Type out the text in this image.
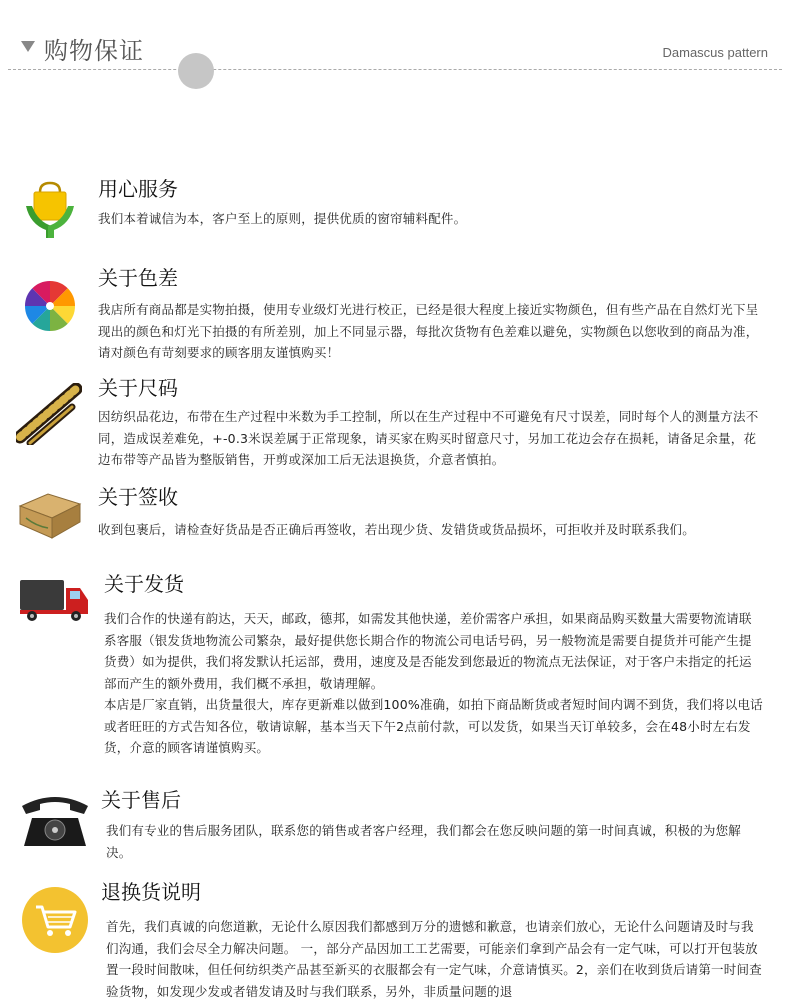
购物保证	Damascus pattern
用心服务

我们本着诚信为本，客户至上的原则，提供优质的窗帘辅料配件。

关于色差

我店所有商品都是实物拍摄，使用专业级灯光进行校正，已经是很大程度上接近实物颜色，但有些产品在自然灯光下呈现出的颜色和灯光下拍摄的有所差别，加上不同显示器，每批次货物有色差难以避免，实物颜色以您收到的商品为准，请对颜色有苛刻要求的顾客朋友谨慎购买！

关于尺码

因纺织品花边，布带在生产过程中米数为手工控制，所以在生产过程中不可避免有尺寸误差，同时每个人的测量方法不同，造成误差难免，+-0.3米误差属于正常现象，请买家在购买时留意尺寸，另加工花边会存在损耗，请备足余量，花边布带等产品皆为整版销售，开剪或深加工后无法退换货，介意者慎拍。

关于签收

收到包裹后，请检查好货品是否正确后再签收，若出现少货、发错货或货品损坏，可拒收并及时联系我们。

关于发货

我们合作的快递有韵达，天天，邮政，德邦，如需发其他快递，差价需客户承担，如果商品购买数量大需要物流请联系客服（银发货地物流公司繁杂，最好提供您长期合作的物流公司电话号码，另一般物流是需要自提货并可能产生提货费）如为提供，我们将发默认托运部，费用，速度及是否能发到您最近的物流点无法保证，对于客户未指定的托运部而产生的额外费用，我们概不承担，敬请理解。

本店是厂家直销，出货量很大，库存更新难以做到100%准确，如拍下商品断货或者短时间内调不到货，我们将以电话或者旺旺的方式告知各位，敬请谅解，基本当天下午2点前付款，可以发货，如果当天订单较多，会在48小时左右发货，介意的顾客请谨慎购买。

关于售后

我们有专业的售后服务团队，联系您的销售或者客户经理，我们都会在您反映问题的第一时间真诚，积极的为您解决。

退换货说明

首先，我们真诚的向您道歉，无论什么原因我们都感到万分的遗憾和歉意，也请亲们放心，无论什么问题请及时与我们沟通，我们会尽全力解决问题。 一，部分产品因加工工艺需要，可能亲们拿到产品会有一定气味，可以打开包装放置一段时间散味，但任何纺织类产品甚至新买的衣服都会有一定气味，介意请慎买。2，亲们在收到货后请第一时间查验货物，如发现少发或者错发请及时与我们联系，另外，非质量问题的退
